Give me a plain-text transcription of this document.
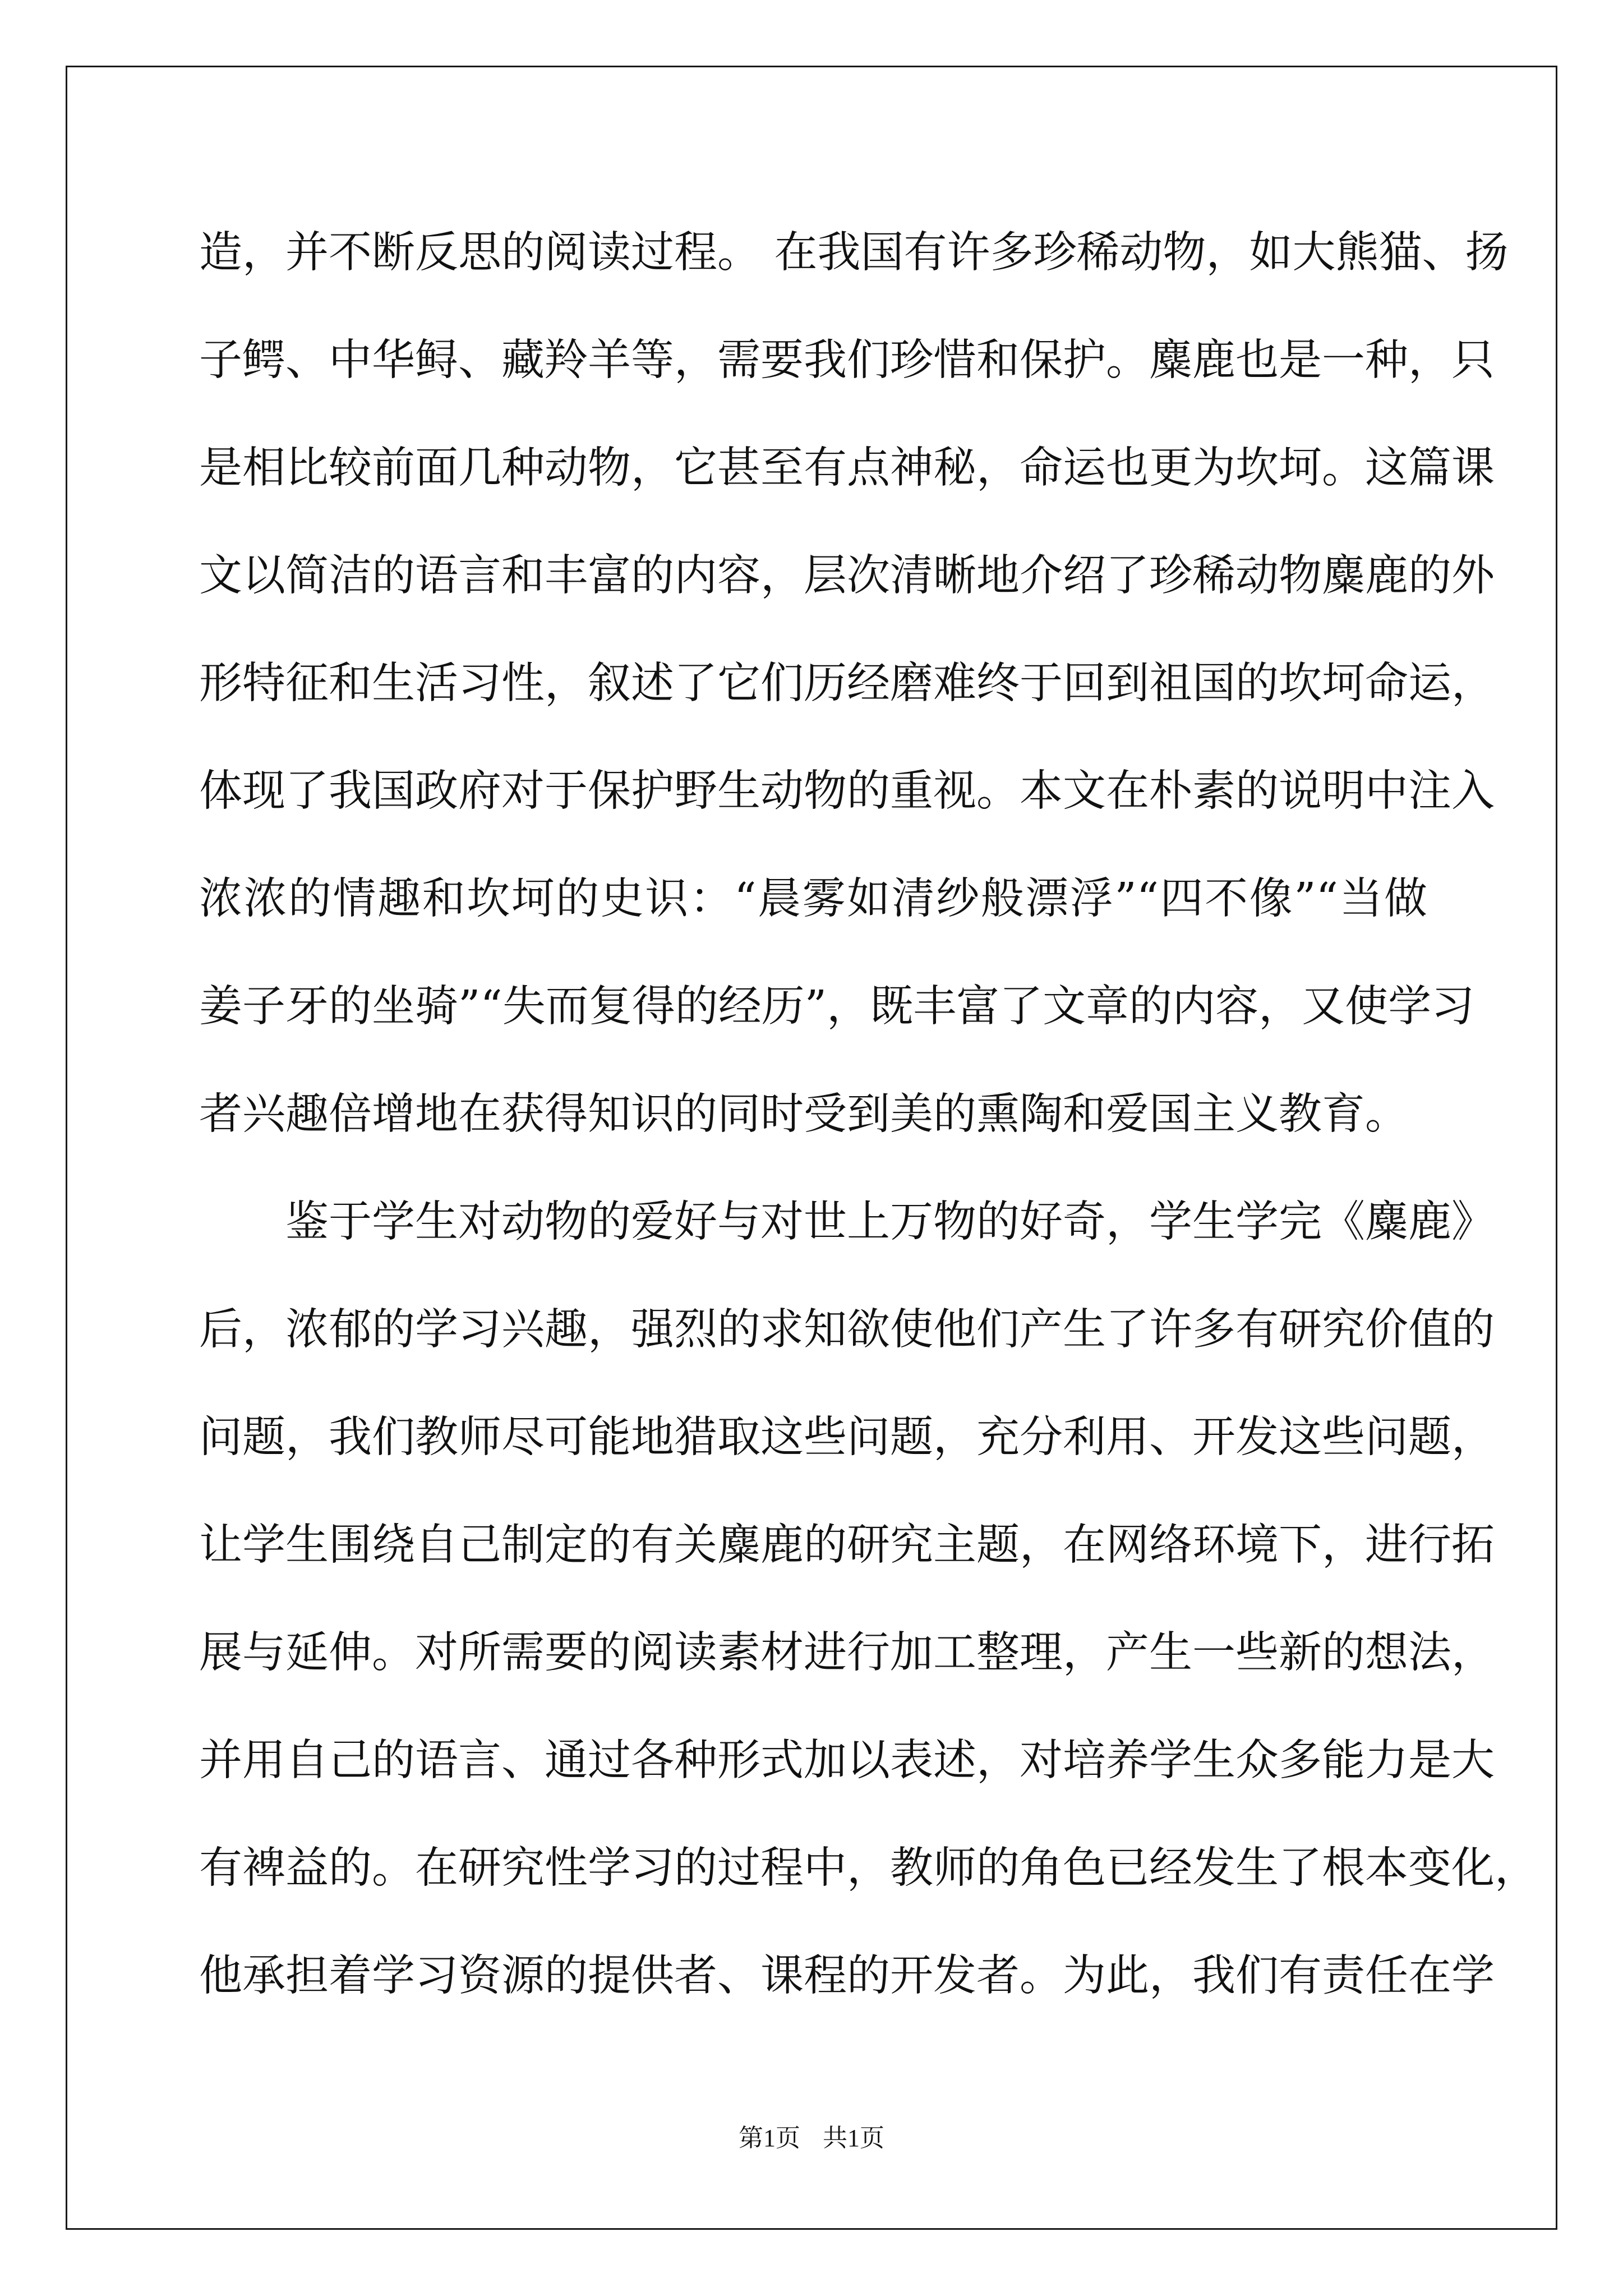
造，并不断反思的阅读过程。 在我国有许多珍稀动物，如大熊猫、扬
子鳄、中华鲟、藏羚羊等，需要我们珍惜和保护。麋鹿也是一种，只
是相比较前面几种动物，它甚至有点神秘，命运也更为坎坷。这篇课
文以简洁的语言和丰富的内容，层次清晰地介绍了珍稀动物麋鹿的外
形特征和生活习性，叙述了它们历经磨难终于回到祖国的坎坷命运，
体现了我国政府对于保护野生动物的重视。本文在朴素的说明中注入
浓浓的情趣和坎坷的史识：“晨雾如清纱般漂浮”“四不像”“当做
姜子牙的坐骑”“失而复得的经历”，既丰富了文章的内容，又使学习
者兴趣倍增地在获得知识的同时受到美的熏陶和爱国主义教育。
　　鉴于学生对动物的爱好与对世上万物的好奇，学生学完《麋鹿》
后，浓郁的学习兴趣，强烈的求知欲使他们产生了许多有研究价值的
问题，我们教师尽可能地猎取这些问题，充分利用、开发这些问题，
让学生围绕自己制定的有关麋鹿的研究主题，在网络环境下，进行拓
展与延伸。对所需要的阅读素材进行加工整理，产生一些新的想法，
并用自己的语言、通过各种形式加以表述，对培养学生众多能力是大
有裨益的。在研究性学习的过程中，教师的角色已经发生了根本变化，
他承担着学习资源的提供者、课程的开发者。为此，我们有责任在学
第1页 共1页
